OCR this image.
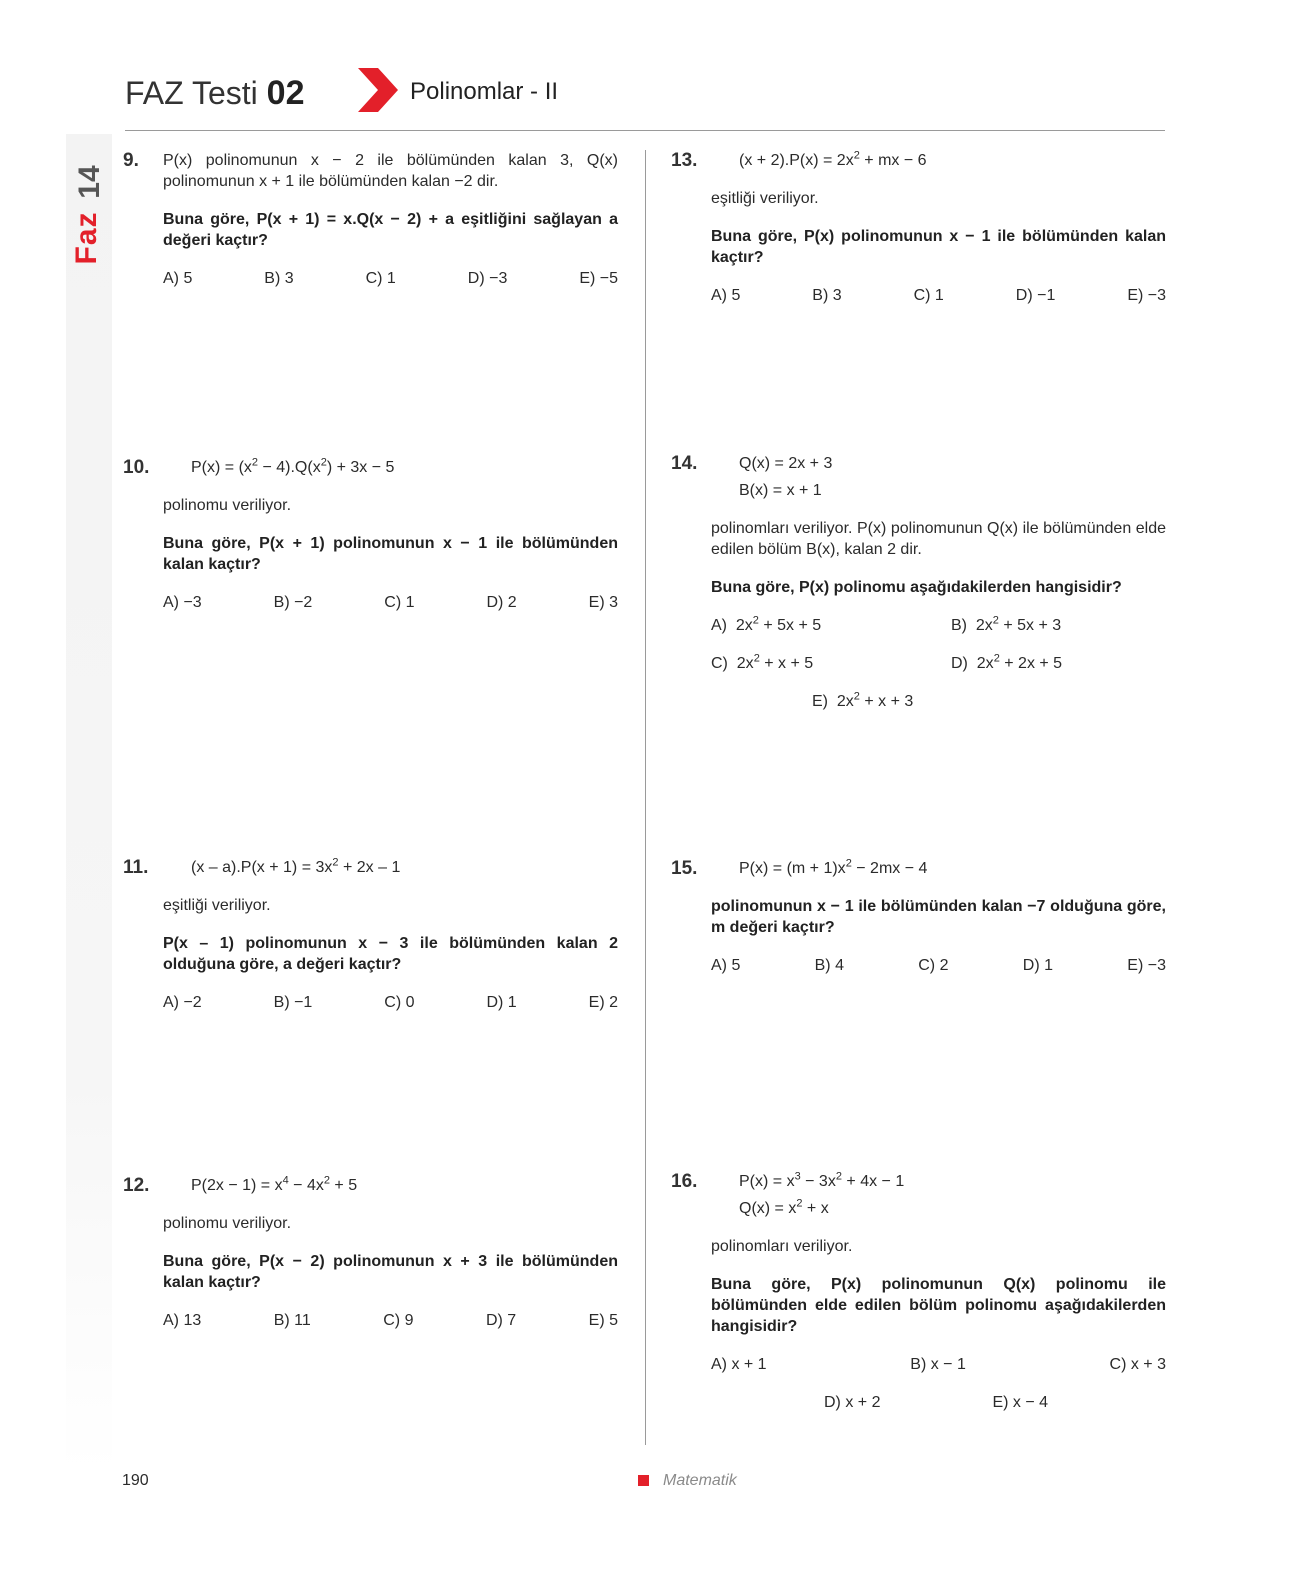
14
Faz
FAZ Testi 02	Polinomlar - II
9. P(x) polinomunun x − 2 ile bölümünden kalan 3, Q(x) polinomunun x + 1 ile bölümünden kalan −2 dir.

Buna göre, P(x + 1) = x.Q(x − 2) + a eşitliğini sağlayan a değeri kaçtır?

A) 5	B) 3	C) 1	D) −3	E) −5
10.	$P(x) = (x^2 - 4).Q(x^2) + 3x - 5$

polinomu veriliyor.

Buna göre, P(x + 1) polinomunun x − 1 ile bölümünden kalan kaçtır?

A) −3	B) −2	C) 1	D) 2	E) 3
11.	$(x - a).P(x + 1) = 3x^2 + 2x - 1$

eşitliği veriliyor.

P(x – 1) polinomunun x − 3 ile bölümünden kalan 2 olduğuna göre, a değeri kaçtır?

A) −2	B) −1	C) 0	D) 1	E) 2
12.	$P(2x - 1) = x^4 - 4x^2 + 5$

polinomu veriliyor.

Buna göre, P(x − 2) polinomunun x + 3 ile bölümünden kalan kaçtır?

A) 13	B) 11	C) 9	D) 7	E) 5
13.	$(x + 2).P(x) = 2x^2$ + mx − 6

eşitliği veriliyor.

Buna göre, P(x) polinomunun x − 1 ile bölümünden kalan kaçtır?

A) 5	B) 3	C) 1	D) −1	E) −3
14.	Q(x) = 2x + 3

B(x) = x + 1

polinomları veriliyor. P(x) polinomunun Q(x) ile bölümünden elde edilen bölüm B(x), kalan 2 dir.

Buna göre, P(x) polinomu aşağıdakilerden hangisidir?

A) $2x^2 + 5x + 5$	B) $2x^2 + 5x + 3$
C) $2x^2 + x + 5$	D) $2x^2 + 2x + 5$
E) $2x^2 + x + 3$
15.	$P(x) = (m + 1)x^2 - 2mx - 4$

polinomunun x − 1 ile bölümünden kalan −7 olduğuna göre, m değeri kaçtır?

A) 5	B) 4	C) 2	D) 1	E) −3
16.	$P(x) = x^3 - 3x^2 + 4x - 1$

$Q(x) = x^2 + x$

polinomları veriliyor.

Buna göre, P(x) polinomunun Q(x) polinomu ile bölümünden elde edilen bölüm polinomu aşağıdakilerden hangisidir?

A) x + 1	B) x − 1	C) x + 3
D) x + 2	E) x − 4
190	Matematik
